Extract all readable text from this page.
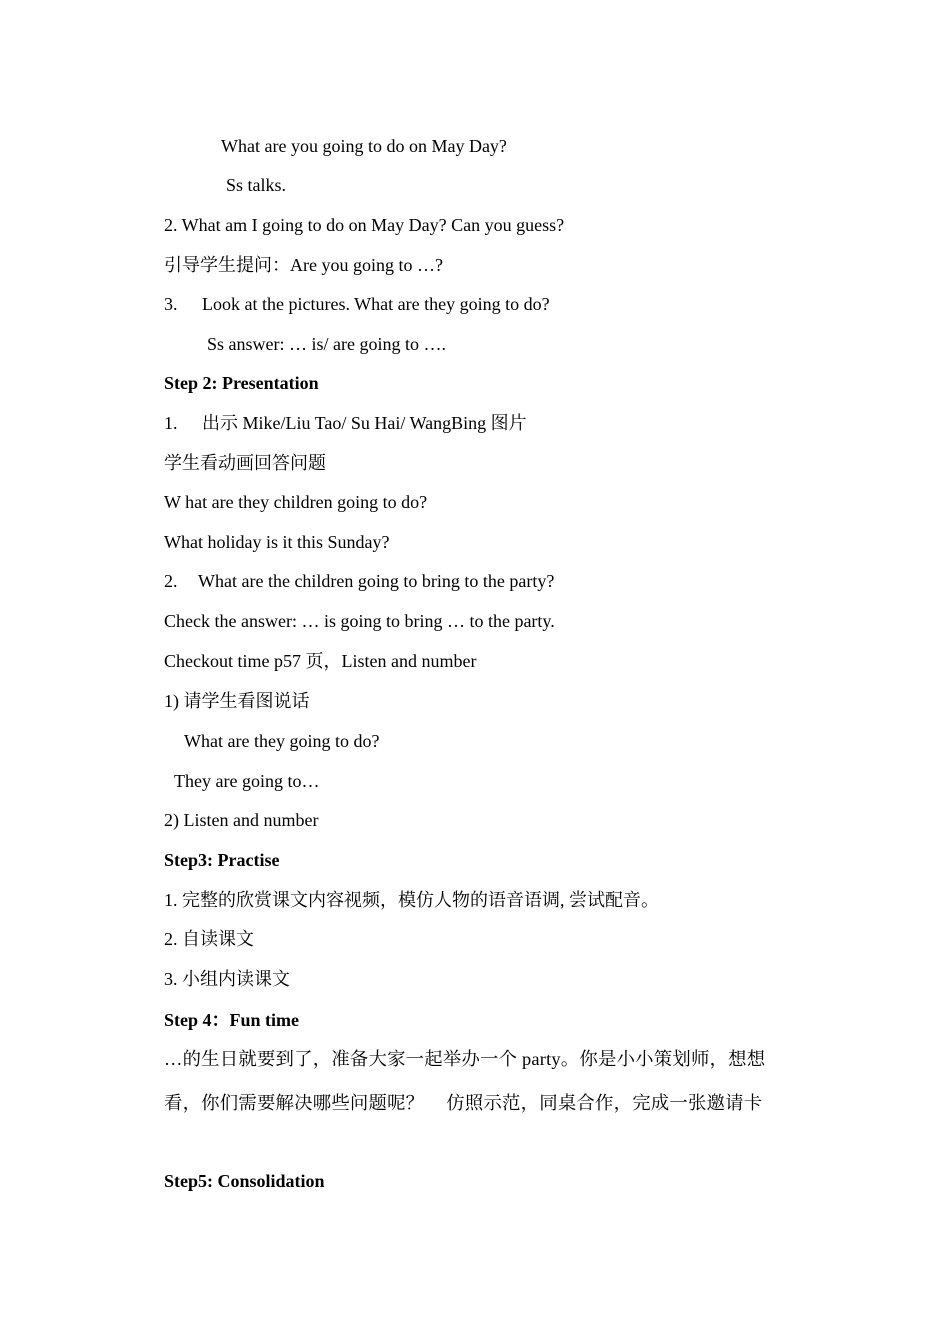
What are you going to do on May Day?
Ss talks.
2. What am I going to do on May Day? Can you guess?
引导学生提问：Are you going to …?
3. Look at the pictures. What are they going to do?
Ss answer: … is/ are going to ….
Step 2: Presentation
1. 出示 Mike/Liu Tao/ Su Hai/ WangBing 图片
学生看动画回答问题
W hat are they children going to do?
What holiday is it this Sunday?
2. What are the children going to bring to the party?
Check the answer: … is going to bring … to the party.
Checkout time p57 页，Listen and number
1) 请学生看图说话
What are they going to do?
They are going to…
2) Listen and number
Step3: Practise
1. 完整的欣赏课文内容视频，模仿人物的语音语调, 尝试配音。
2. 自读课文
3. 小组内读课文
Step 4：Fun time
…的生日就要到了，准备大家一起举办一个 party。你是小小策划师，想想
看，你们需要解决哪些问题呢？ 仿照示范，同桌合作，完成一张邀请卡
Step5: Consolidation
